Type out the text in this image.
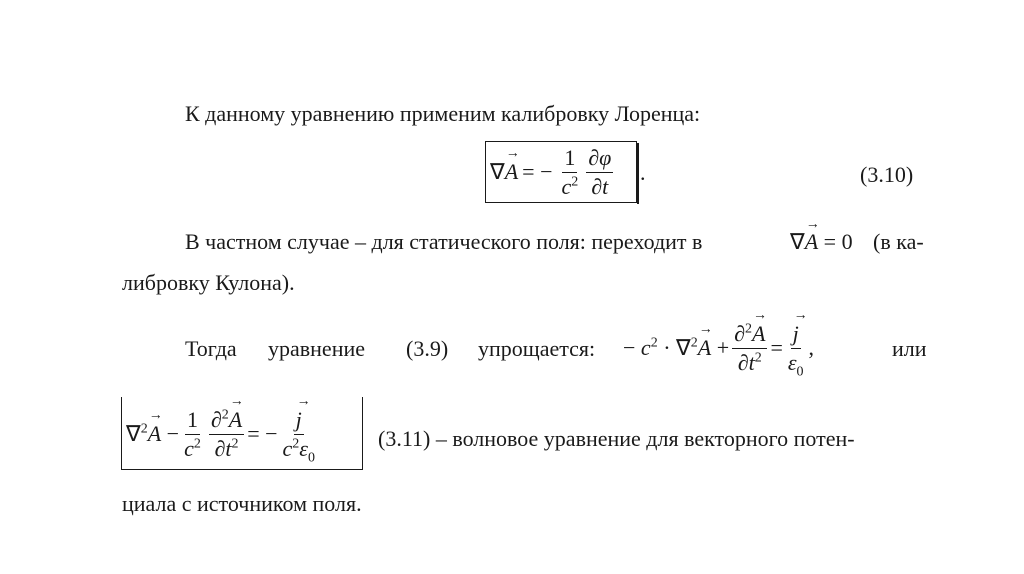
К данному уравнению применим калибровку Лоренца:
∇ → A = − $\frac{1}{c^2} \frac{\partial\varphi}{\partial t}$ .	(3.10)
В частном случае – для статического поля: переходит в	∇→ A = 0 (в ка-
либровку Кулона).
Тогда уравнение (3.9) упрощается: − $c^2 \cdot \nabla^2\to A + \frac{\partial^2\to A}{\partial t^2}$ = → $\frac{j}{\varepsilon_0}$ ,	или
$\nabla^2\to A - \frac{1}{c^2} \frac{\partial^2\to A}{\partial t^2}$ = − → $\frac{j}{c^2\varepsilon_0}$	(3.11) – волновое уравнение для векторного потен-
циала с источником поля.
